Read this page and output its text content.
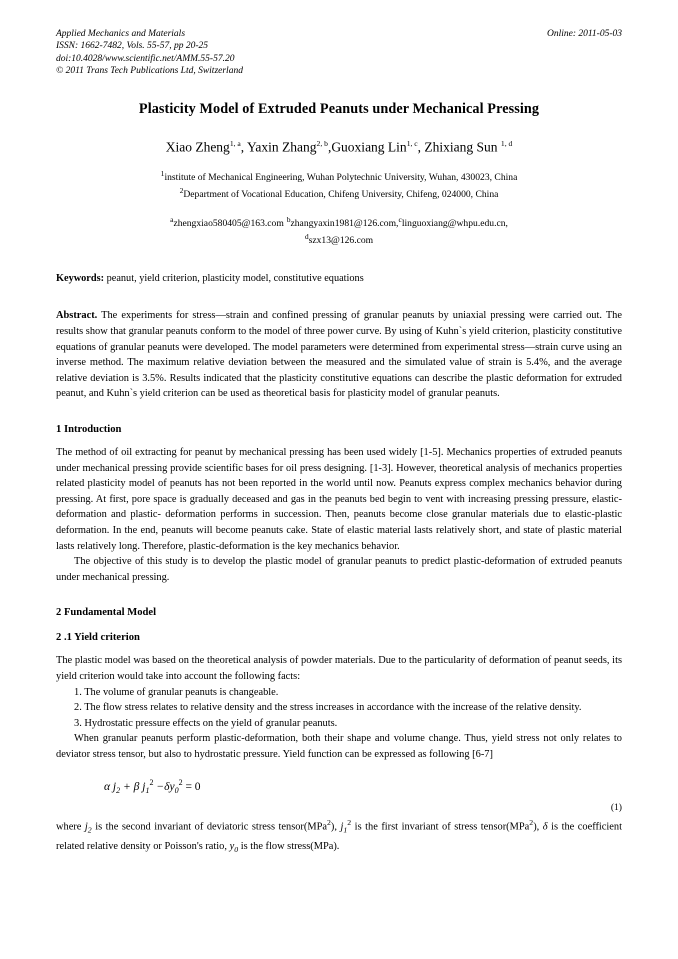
Applied Mechanics and Materials
ISSN: 1662-7482, Vols. 55-57, pp 20-25
doi:10.4028/www.scientific.net/AMM.55-57.20
© 2011 Trans Tech Publications Ltd, Switzerland
Online: 2011-05-03
Plasticity Model of Extruded Peanuts under Mechanical Pressing
Xiao Zheng$^{1, a}$, Yaxin Zhang$^{2, b}$,Guoxiang Lin$^{1, c}$, Zhixiang Sun $^{1, d}$
$^1$institute of Mechanical Engineering, Wuhan Polytechnic University, Wuhan, 430023, China
$^2$Department of Vocational Education, Chifeng University, Chifeng, 024000, China
$^a$zhengxiao580405@163.com $^b$zhangyaxin1981@126.com,$^c$linguoxiang@whpu.edu.cn,
$^d$szx13@126.com
Keywords: peanut, yield criterion, plasticity model, constitutive equations
Abstract. The experiments for stress—strain and confined pressing of granular peanuts by uniaxial pressing were carried out. The results show that granular peanuts conform to the model of three power curve. By using of Kuhn`s yield criterion, plasticity constitutive equations of granular peanuts were developed. The model parameters were determined from experimental stress—strain curve using an inverse method. The maximum relative deviation between the measured and the simulated value of strain is 5.4%, and the average relative deviation is 3.5%. Results indicated that the plasticity constitutive equations can describe the plastic deformation for extruded peanut, and Kuhn`s yield criterion can be used as theoretical basis for plasticity model of granular peanuts.
1 Introduction

The method of oil extracting for peanut by mechanical pressing has been used widely [1-5]. Mechanics properties of extruded peanuts under mechanical pressing provide scientific bases for oil press designing. [1-3]. However, theoretical analysis of mechanics properties related plasticity model of peanuts has not been reported in the world until now. Peanuts express complex mechanics behavior during pressing. At first, pore space is gradually deceased and gas in the peanuts bed begin to vent with increasing pressing pressure, elastic-deformation and plastic- deformation performs in succession. Then, peanuts become close granular materials due to elastic-plastic deformation. In the end, peanuts will become peanuts cake. State of elastic material lasts relatively short, and state of plastic material lasts relatively long. Therefore, plastic-deformation is the key mechanics behavior.

The objective of this study is to develop the plastic model of granular peanuts to predict plastic-deformation of extruded peanuts under mechanical pressing.

2 Fundamental Model
2 .1 Yield criterion

The plastic model was based on the theoretical analysis of powder materials. Due to the particularity of deformation of peanut seeds, its yield criterion would take into account the following facts:

1. The volume of granular peanuts is changeable.

2. The flow stress relates to relative density and the stress increases in accordance with the increase of the relative density.

3. Hydrostatic pressure effects on the yield of granular peanuts.

When granular peanuts perform plastic-deformation, both their shape and volume change. Thus, yield stress not only relates to deviator stress tensor, but also to hydrostatic pressure. Yield function can be expressed as following [6-7]

α $j_2 + \beta$ $j_1^2 -\delta y_0^2 = 0$
(1)
where $j_2$ is the second invariant of deviatoric stress tensor(MPa$^2$), $j_1^2$ is the first invariant of stress tensor(MPa$^2$), δ is the coefficient related relative density or Poisson's ratio, $y_0$ is the flow stress(MPa).
